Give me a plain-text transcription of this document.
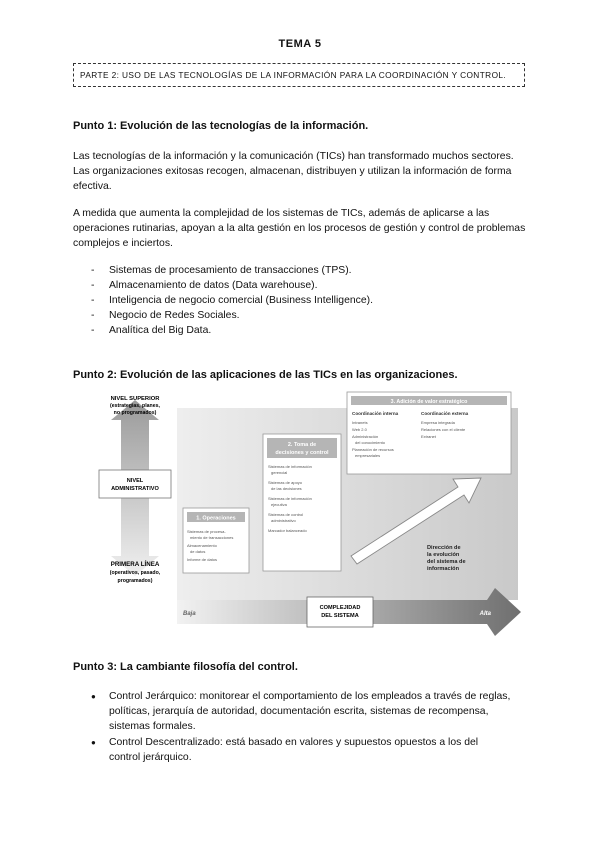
TEMA 5
PARTE 2: USO DE LAS TECNOLOGÍAS DE LA INFORMACIÓN PARA LA COORDINACIÓN Y CONTROL.
Punto 1: Evolución de las tecnologías de la información.
Las tecnologías de la información y la comunicación (TICs) han transformado muchos sectores. Las organizaciones exitosas recogen, almacenan, distribuyen y utilizan la información de forma efectiva.
A medida que aumenta la complejidad de los sistemas de TICs, además de aplicarse a las operaciones rutinarias, apoyan a la alta gestión en los procesos de gestión y control de problemas complejos e inciertos.
- Sistemas de procesamiento de transacciones (TPS).
- Almacenamiento de datos (Data warehouse).
- Inteligencia de negocio comercial (Business Intelligence).
- Negocio de Redes Sociales.
- Analítica del Big Data.
Punto 2: Evolución de las aplicaciones de las TICs en las organizaciones.
NIVEL
ADMINISTRATIVO
NIVEL SUPERIOR
(estrategias, planes,
no programados)
PRIMERA LÍNEA
(operativos, pasado,
programados)
1. Operaciones
Sistemas de procesa-
miento de transacciones
Almacenamiento
de datos
Informe de datos
2. Toma de
decisiones y control
Sistemas de información
gerencial
Sistemas de apoyo
de las decisiones
Sistemas de información
ejecutiva
Sistemas de control
administrativo
Marcador balanceado
3. Adición de valor estratégico
Coordinación interna
Intranets
Web 2.0
Administración
del conocimiento
Planeación de recursos
empresariales
Coordinación externa
Empresa integrada
Relaciones con el cliente
Extranet
Dirección de
la evolución
del sistema de
información
Baja	Alta
COMPLEJIDAD
DEL SISTEMA
Punto 3: La cambiante filosofía del control.
● Control Jerárquico: monitorear el comportamiento de los empleados a través de reglas, políticas, jerarquía de autoridad, documentación escrita, sistemas de recompensa, sistemas formales.
● Control Descentralizado: está basado en valores y supuestos opuestos a los del control jerárquico.
